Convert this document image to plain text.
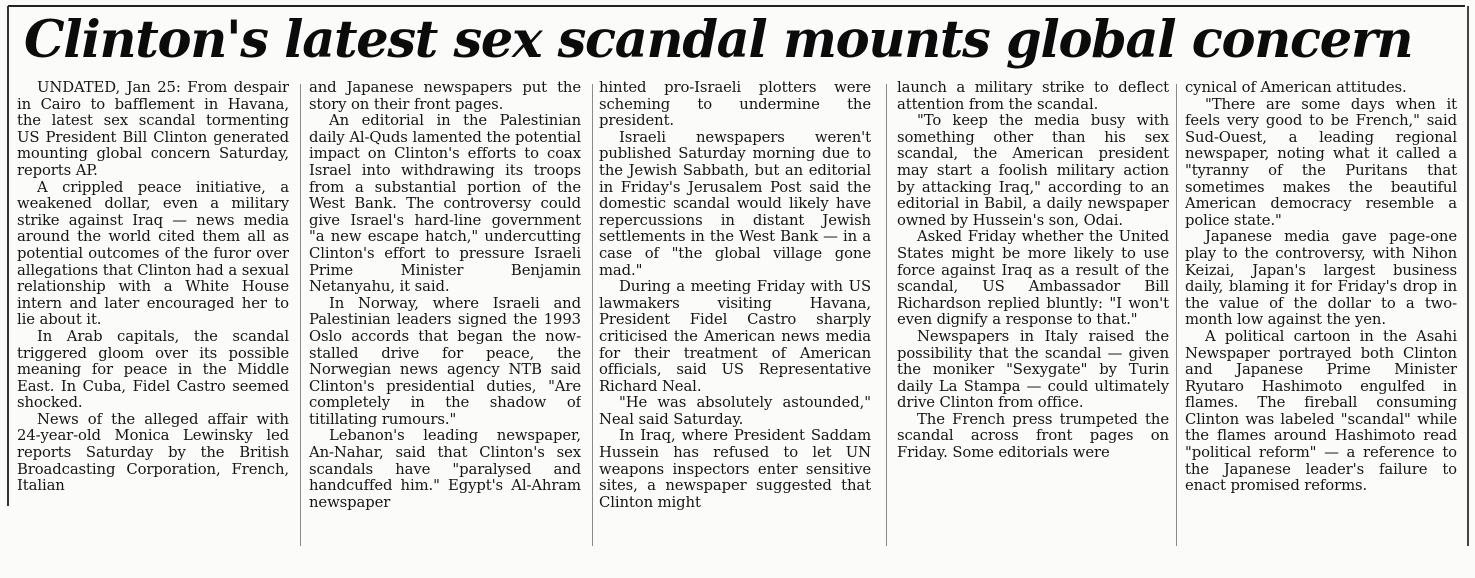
Clinton's latest sex scandal mounts global concern

UNDATED, Jan 25: From despair in Cairo to bafflement in Havana, the latest sex scandal tormenting US President Bill Clinton generated mounting global concern Saturday, reports AP.

A crippled peace initiative, a weakened dollar, even a military strike against Iraq — news media around the world cited them all as potential outcomes of the furor over allegations that Clinton had a sexual relationship with a White House intern and later encouraged her to lie about it.

In Arab capitals, the scandal triggered gloom over its possible meaning for peace in the Middle East. In Cuba, Fidel Castro seemed shocked.

News of the alleged affair with 24-year-old Monica Lewinsky led reports Saturday by the British Broadcasting Corporation, French, Italian

and Japanese newspapers put the story on their front pages.

An editorial in the Palestinian daily Al-Quds lamented the potential impact on Clinton's efforts to coax Israel into withdrawing its troops from a substantial portion of the West Bank. The controversy could give Israel's hard-line government "a new escape hatch," undercutting Clinton's effort to pressure Israeli Prime Minister Benjamin Netanyahu, it said.

In Norway, where Israeli and Palestinian leaders signed the 1993 Oslo accords that began the now-stalled drive for peace, the Norwegian news agency NTB said Clinton's presidential duties, "Are completely in the shadow of titillating rumours."

Lebanon's leading newspaper, An-Nahar, said that Clinton's sex scandals have "paralysed and handcuffed him." Egypt's Al-Ahram newspaper

hinted pro-Israeli plotters were scheming to undermine the president.

Israeli newspapers weren't published Saturday morning due to the Jewish Sabbath, but an editorial in Friday's Jerusalem Post said the domestic scandal would likely have repercussions in distant Jewish settlements in the West Bank — in a case of "the global village gone mad."

During a meeting Friday with US lawmakers visiting Havana, President Fidel Castro sharply criticised the American news media for their treatment of American officials, said US Representative Richard Neal.

"He was absolutely astounded," Neal said Saturday.

In Iraq, where President Saddam Hussein has refused to let UN weapons inspectors enter sensitive sites, a newspaper suggested that Clinton might

launch a military strike to deflect attention from the scandal.

"To keep the media busy with something other than his sex scandal, the American president may start a foolish military action by attacking Iraq," according to an editorial in Babil, a daily newspaper owned by Hussein's son, Odai.

Asked Friday whether the United States might be more likely to use force against Iraq as a result of the scandal, US Ambassador Bill Richardson replied bluntly: "I won't even dignify a response to that."

Newspapers in Italy raised the possibility that the scandal — given the moniker "Sexygate" by Turin daily La Stampa — could ultimately drive Clinton from office.

The French press trumpeted the scandal across front pages on Friday. Some editorials were

cynical of American attitudes.

"There are some days when it feels very good to be French," said Sud-Ouest, a leading regional newspaper, noting what it called a "tyranny of the Puritans that sometimes makes the beautiful American democracy resemble a police state."

Japanese media gave page-one play to the controversy, with Nihon Keizai, Japan's largest business daily, blaming it for Friday's drop in the value of the dollar to a two-month low against the yen.

A political cartoon in the Asahi Newspaper portrayed both Clinton and Japanese Prime Minister Ryutaro Hashimoto engulfed in flames. The fireball consuming Clinton was labeled "scandal" while the flames around Hashimoto read "political reform" — a reference to the Japanese leader's failure to enact promised reforms.
